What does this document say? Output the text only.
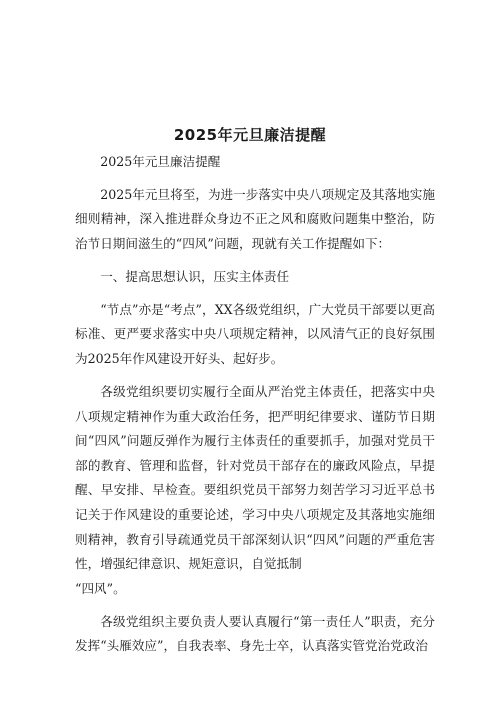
2025年元旦廉洁提醒

2025年元旦廉洁提醒

2025年元旦将至，为进一步落实中央八项规定及其落地实施细则精神，深入推进群众身边不正之风和腐败问题集中整治，防治节日期间滋生的“四风”问题，现就有关工作提醒如下：

一、提高思想认识，压实主体责任

“节点”亦是“考点”，XX各级党组织，广大党员干部要以更高标准、更严要求落实中央八项规定精神，以风清气正的良好氛围为2025年作风建设开好头、起好步。

各级党组织要切实履行全面从严治党主体责任，把落实中央八项规定精神作为重大政治任务，把严明纪律要求、谨防节日期间“四风”问题反弹作为履行主体责任的重要抓手，加强对党员干部的教育、管理和监督，针对党员干部存在的廉政风险点，早提醒、早安排、早检查。要组织党员干部努力刻苦学习习近平总书记关于作风建设的重要论述，学习中央八项规定及其落地实施细则精神，教育引导疏通党员干部深刻认识“四风”问题的严重危害性，增强纪律意识、规矩意识，自觉抵制

“四风”。

各级党组织主要负责人要认真履行“第一责任人”职责，充分发挥“头雁效应”，自我表率、身先士卒，认真落实管党治党政治
